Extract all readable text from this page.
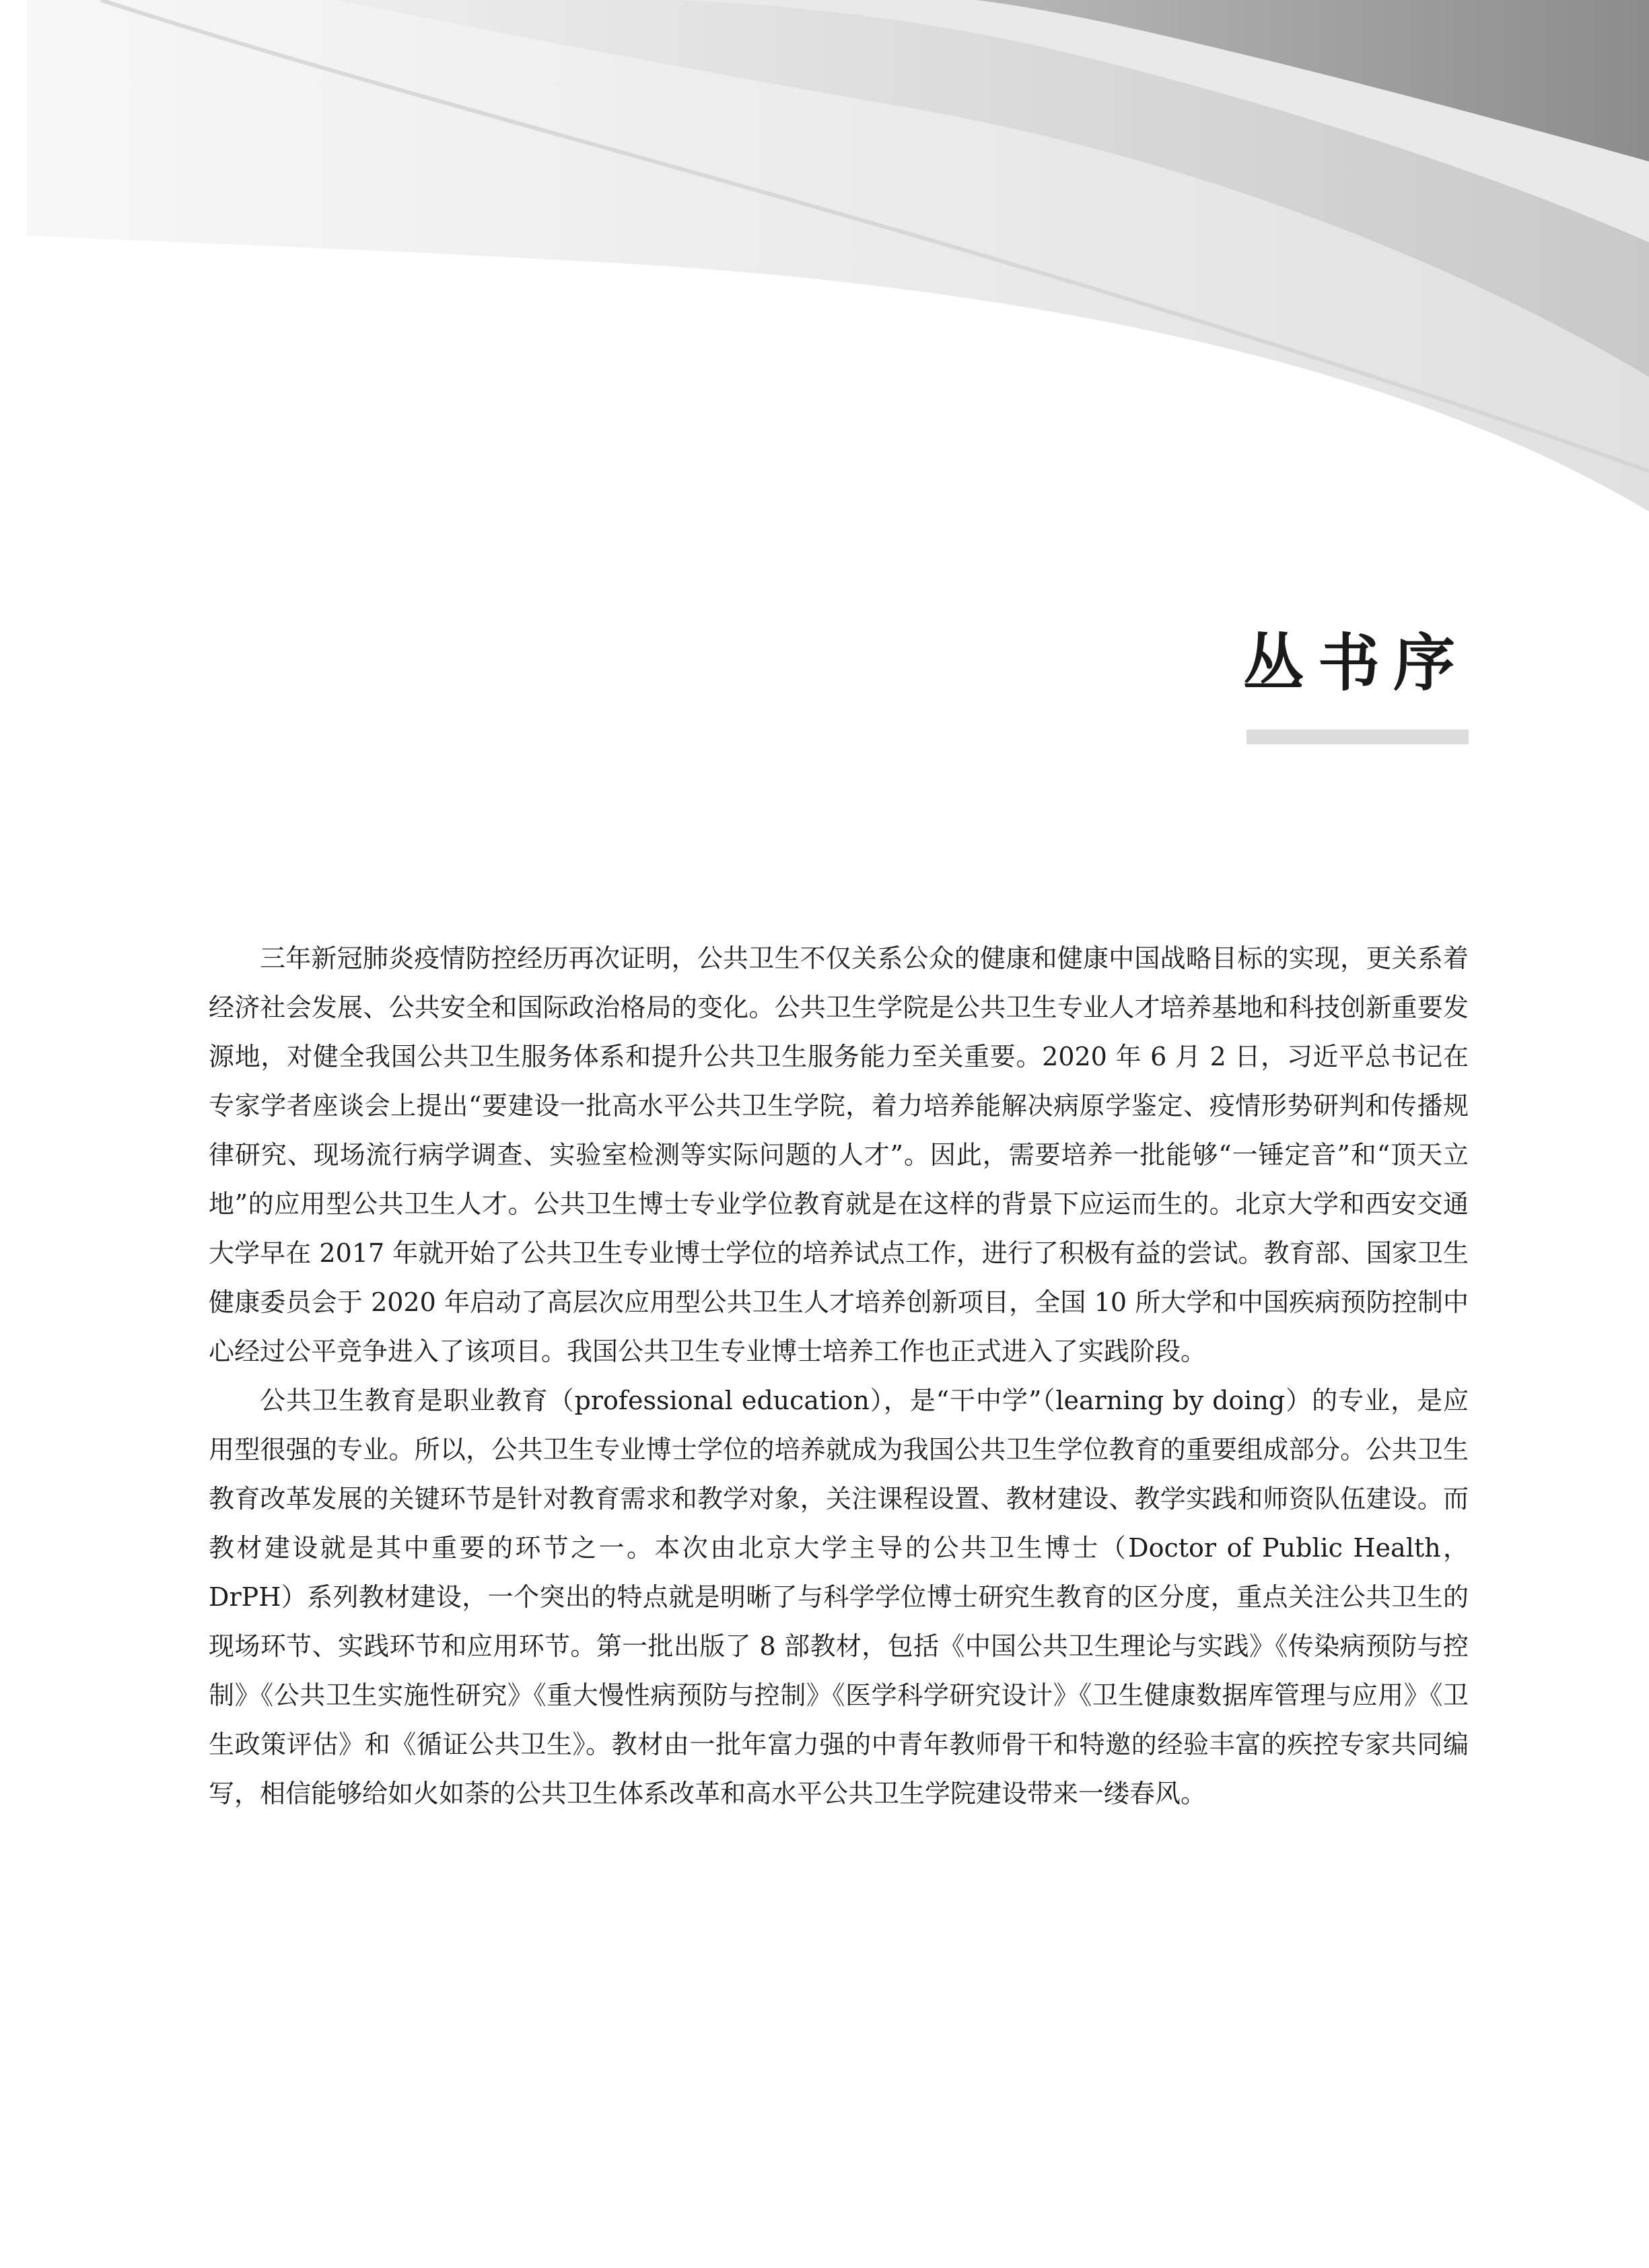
丛书序

三年新冠肺炎疫情防控经历再次证明，公共卫生不仅关系公众的健康和健康中国战略目标的实现，更关系着经济社会发展、公共安全和国际政治格局的变化。公共卫生学院是公共卫生专业人才培养基地和科技创新重要发源地，对健全我国公共卫生服务体系和提升公共卫生服务能力至关重要。2020 年 6 月 2 日，习近平总书记在专家学者座谈会上提出“要建设一批高水平公共卫生学院，着力培养能解决病原学鉴定、疫情形势研判和传播规律研究、现场流行病学调查、实验室检测等实际问题的人才”。因此，需要培养一批能够“一锤定音”和“顶天立地”的应用型公共卫生人才。公共卫生博士专业学位教育就是在这样的背景下应运而生的。北京大学和西安交通大学早在 2017 年就开始了公共卫生专业博士学位的培养试点工作，进行了积极有益的尝试。教育部、国家卫生健康委员会于 2020 年启动了高层次应用型公共卫生人才培养创新项目，全国 10 所大学和中国疾病预防控制中心经过公平竞争进入了该项目。我国公共卫生专业博士培养工作也正式进入了实践阶段。

公共卫生教育是职业教育（professional education），是“干中学”（learning by doing）的专业，是应用型很强的专业。所以，公共卫生专业博士学位的培养就成为我国公共卫生学位教育的重要组成部分。公共卫生教育改革发展的关键环节是针对教育需求和教学对象，关注课程设置、教材建设、教学实践和师资队伍建设。而教材建设就是其中重要的环节之一。本次由北京大学主导的公共卫生博士（Doctor of Public Health，DrPH）系列教材建设，一个突出的特点就是明晰了与科学学位博士研究生教育的区分度，重点关注公共卫生的现场环节、实践环节和应用环节。第一批出版了 8 部教材，包括《中国公共卫生理论与实践》《传染病预防与控制》《公共卫生实施性研究》《重大慢性病预防与控制》《医学科学研究设计》《卫生健康数据库管理与应用》《卫生政策评估》和《循证公共卫生》。教材由一批年富力强的中青年教师骨干和特邀的经验丰富的疾控专家共同编写，相信能够给如火如荼的公共卫生体系改革和高水平公共卫生学院建设带来一缕春风。
